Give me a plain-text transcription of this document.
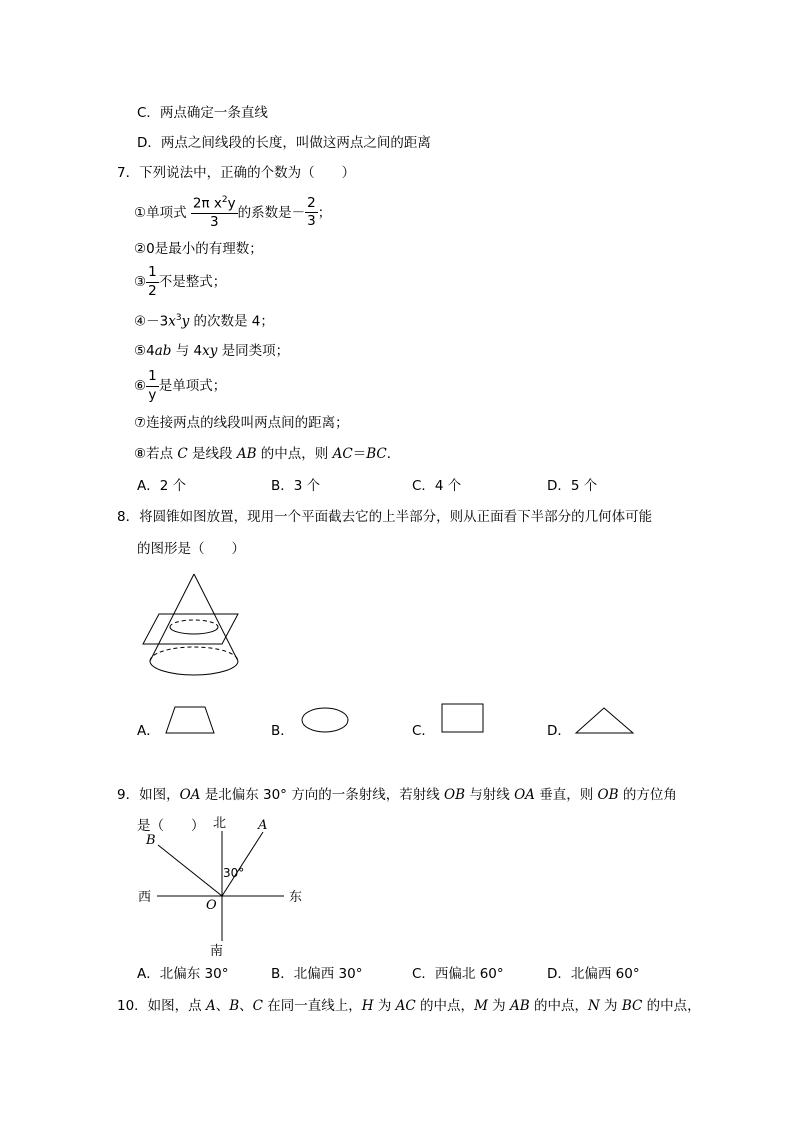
C．两点确定一条直线
D．两点之间线段的长度，叫做这两点之间的距离
7．下列说法中，正确的个数为（　　）
①单项式 $\frac{2\pi x^2y}{3}$ 的系数是－ $\frac{2}{3}$ ；
②0是最小的有理数；
③ $\frac{1}{2}$ 不是整式；
$④-3x^3y$ 的次数是 4；
⑤4ab 与 4xy 是同类项；
⑥ $\frac{1}{y}$ 是单项式；
⑦连接两点的线段叫两点间的距离；
⑧若点 C 是线段 AB 的中点，则 AC＝BC．
A．2 个	B．3 个	C．4 个	D．5 个
8．将圆锥如图放置，现用一个平面截去它的上半部分，则从正面看下半部分的几何体可能
的图形是（　　）
A．	B．	C．	D．
9．如图，OA 是北偏东 30° 方向的一条射线，若射线 OB 与射线 OA 垂直，则 OB 的方位角
是（　　） 北
南
西	东
A
B
O
30°
A．北偏东 30°	B．北偏西 30°	C．西偏北 60°	D．北偏西 60°
10．如图，点 A、B、C 在同一直线上，H 为 AC 的中点，M 为 AB 的中点，N 为 BC 的中点，
